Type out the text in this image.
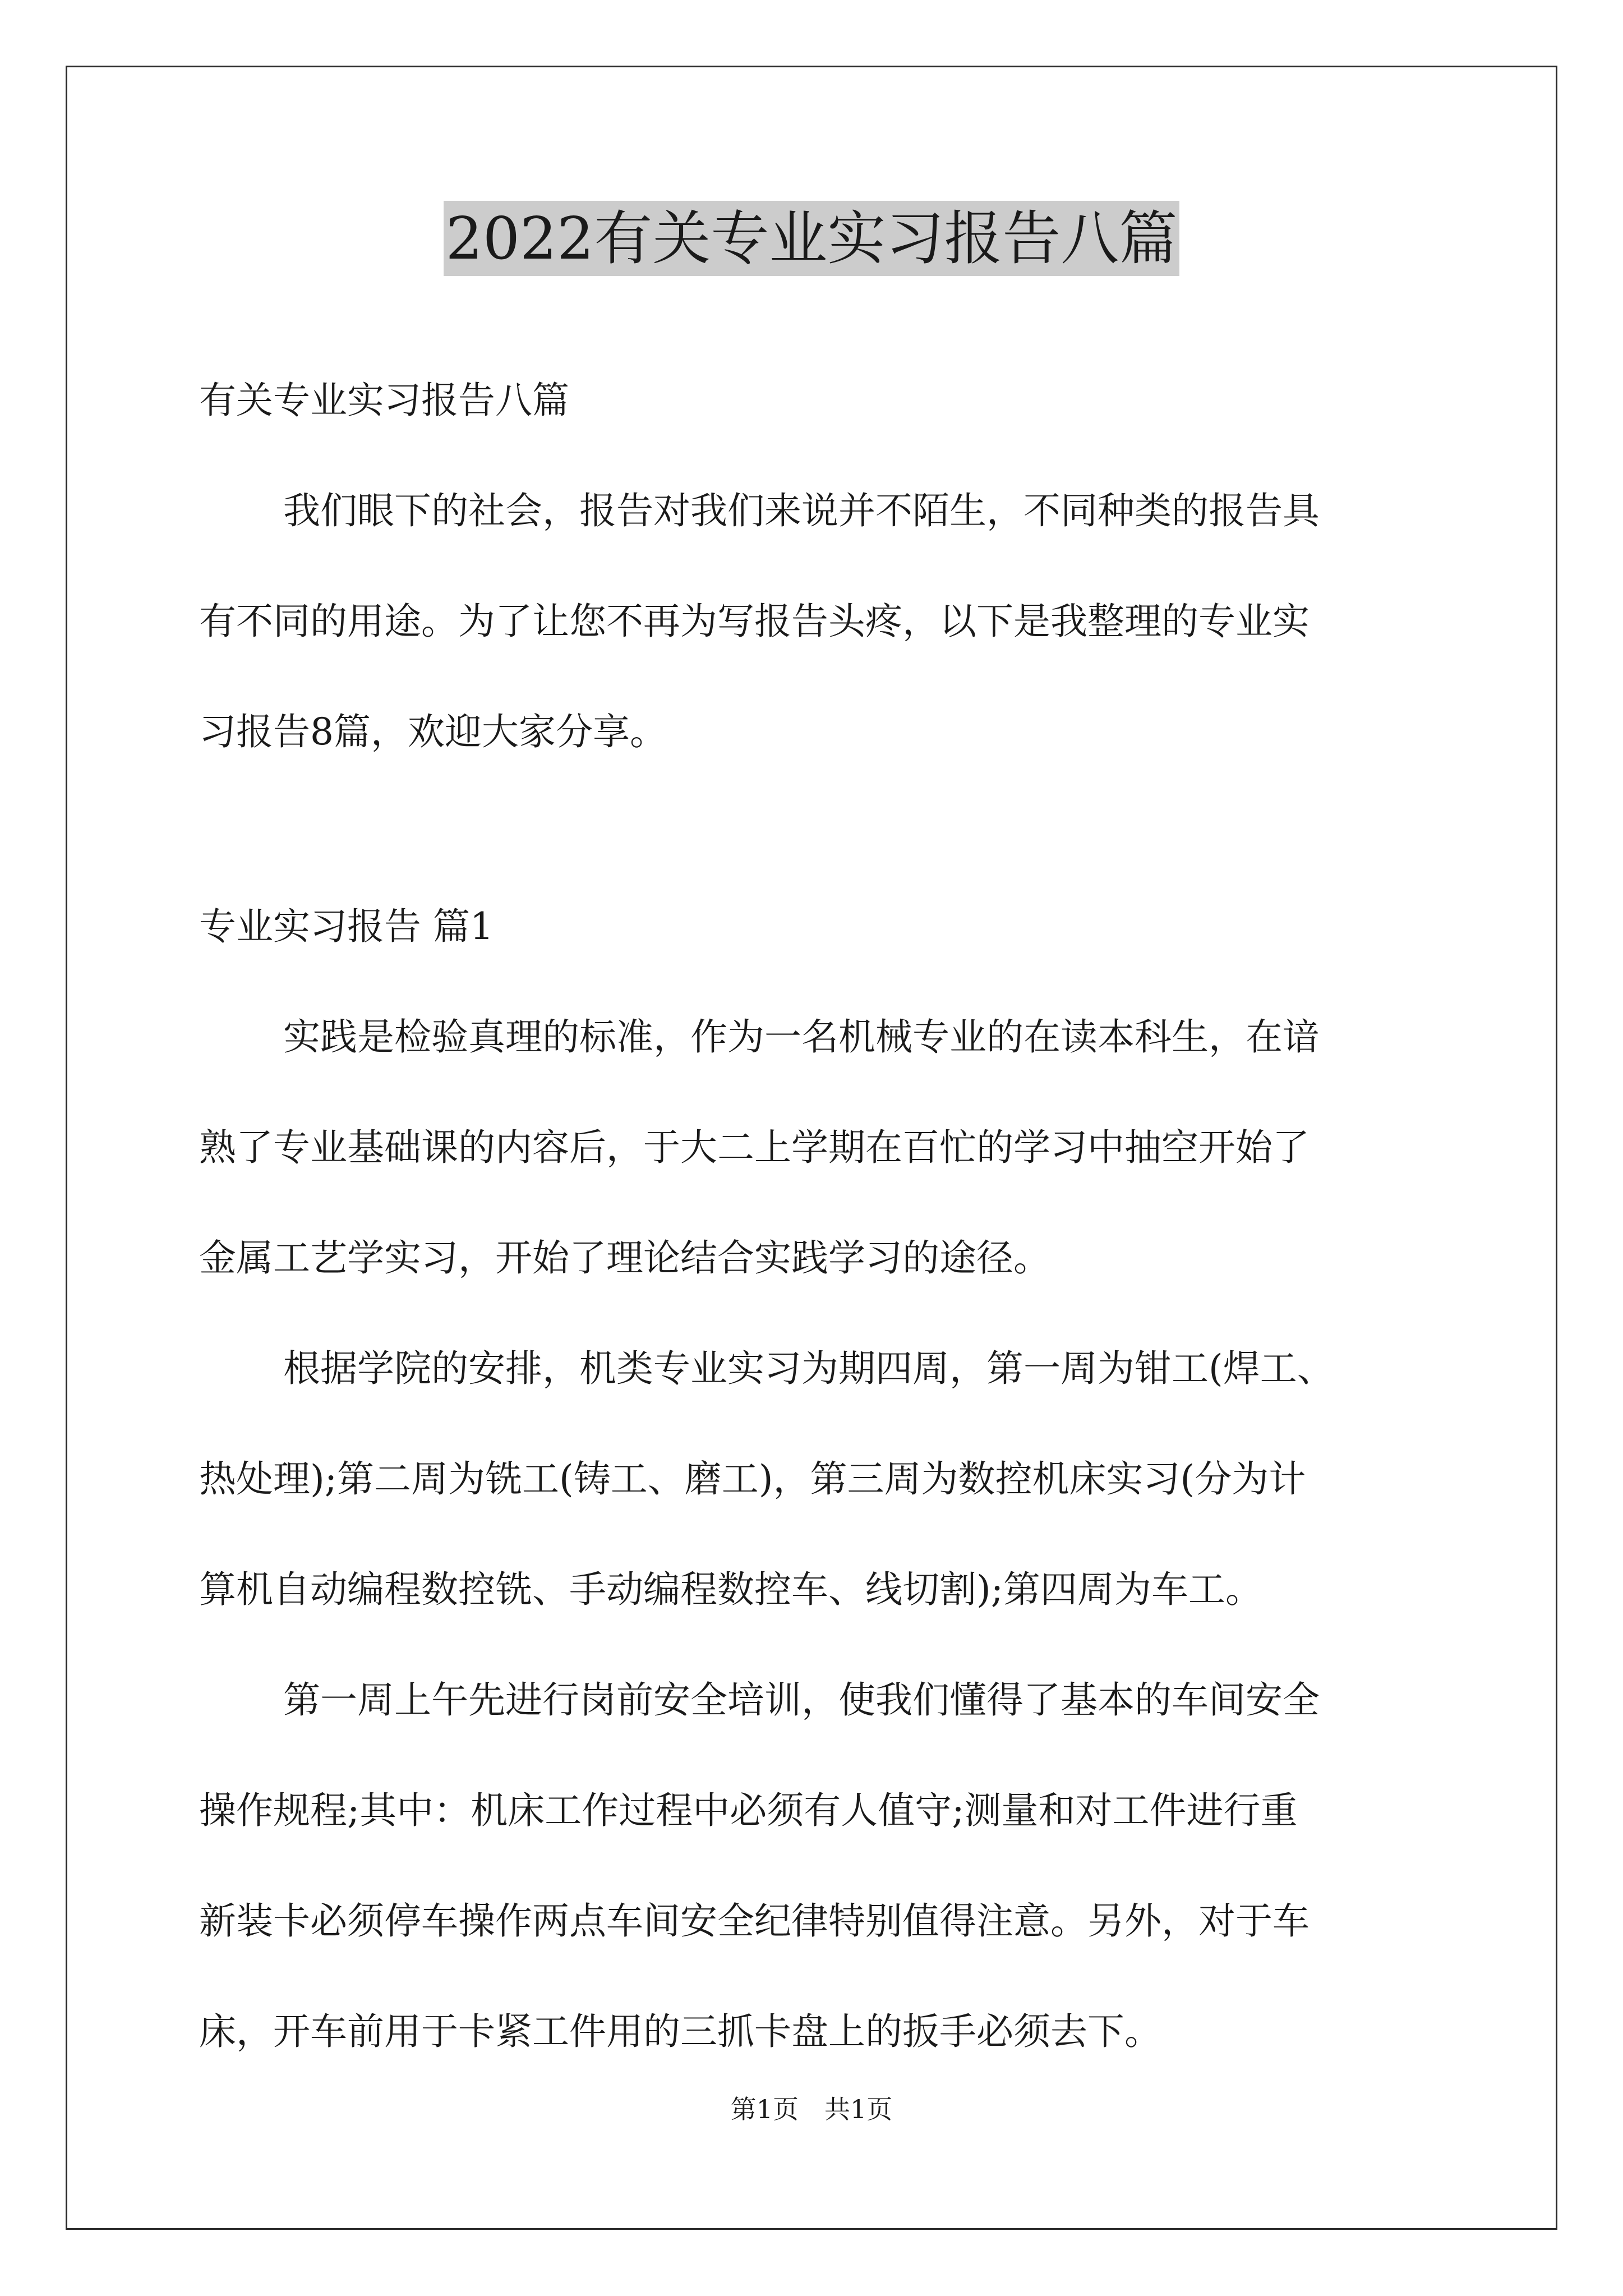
2022有关专业实习报告八篇
有关专业实习报告八篇
我们眼下的社会，报告对我们来说并不陌生，不同种类的报告具
有不同的用途。为了让您不再为写报告头疼，以下是我整理的专业实
习报告8篇，欢迎大家分享。
专业实习报告 篇1
实践是检验真理的标准，作为一名机械专业的在读本科生，在谙
熟了专业基础课的内容后，于大二上学期在百忙的学习中抽空开始了
金属工艺学实习，开始了理论结合实践学习的途径。
根据学院的安排，机类专业实习为期四周，第一周为钳工(焊工、
热处理);第二周为铣工(铸工、磨工)，第三周为数控机床实习(分为计
算机自动编程数控铣、手动编程数控车、线切割);第四周为车工。
第一周上午先进行岗前安全培训，使我们懂得了基本的车间安全
操作规程;其中：机床工作过程中必须有人值守;测量和对工件进行重
新装卡必须停车操作两点车间安全纪律特别值得注意。另外，对于车
床，开车前用于卡紧工件用的三抓卡盘上的扳手必须去下。
第1页　共1页
